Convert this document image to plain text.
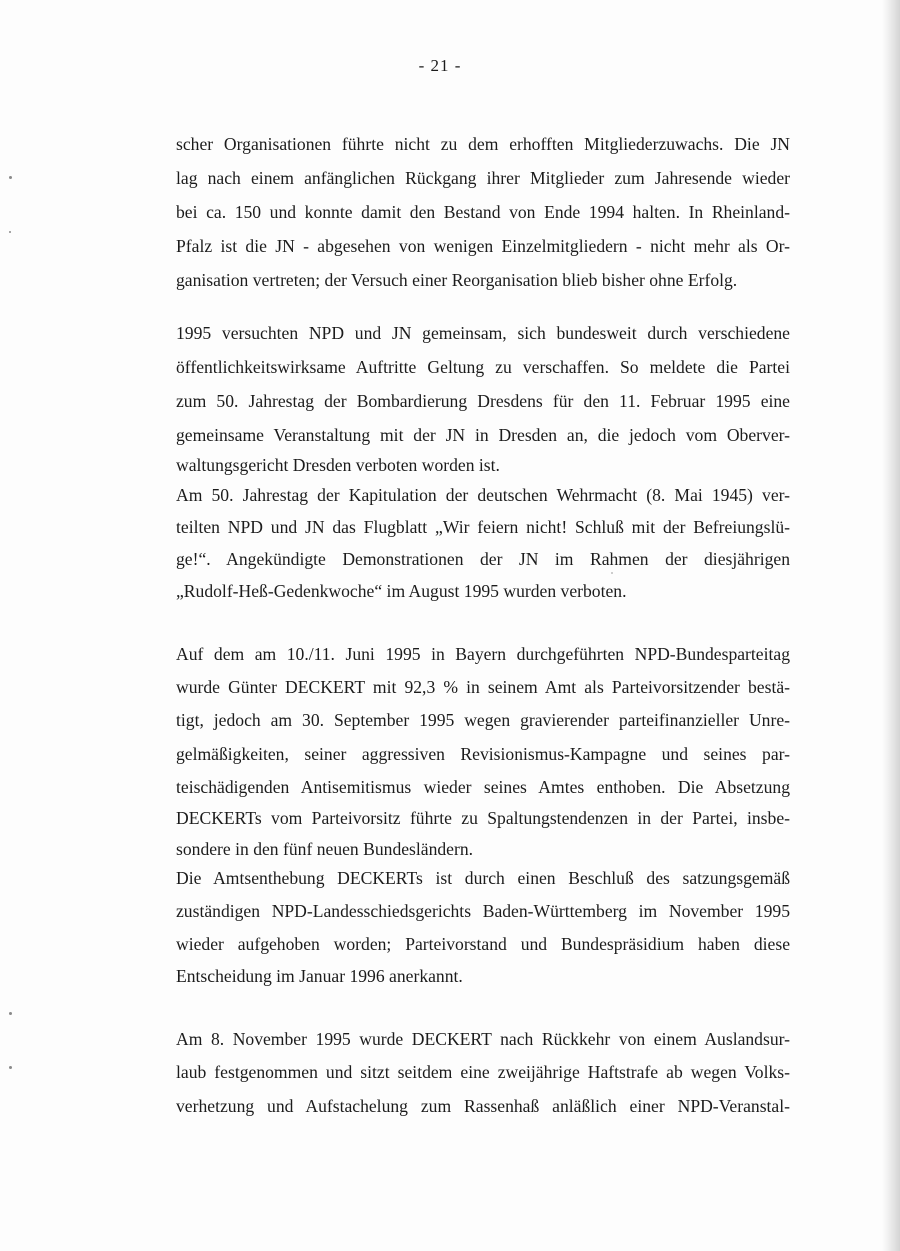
- 21 -
scher Organisationen führte nicht zu dem erhofften Mitgliederzuwachs. Die JN
lag nach einem anfänglichen Rückgang ihrer Mitglieder zum Jahresende wieder
bei ca. 150 und konnte damit den Bestand von Ende 1994 halten. In Rheinland-
Pfalz ist die JN - abgesehen von wenigen Einzelmitgliedern - nicht mehr als Or-
ganisation vertreten; der Versuch einer Reorganisation blieb bisher ohne Erfolg.
1995 versuchten NPD und JN gemeinsam, sich bundesweit durch verschiedene
öffentlichkeitswirksame Auftritte Geltung zu verschaffen. So meldete die Partei
zum 50. Jahrestag der Bombardierung Dresdens für den 11. Februar 1995 eine
gemeinsame Veranstaltung mit der JN in Dresden an, die jedoch vom Oberver-
waltungsgericht Dresden verboten worden ist.
Am 50. Jahrestag der Kapitulation der deutschen Wehrmacht (8. Mai 1945) ver-
teilten NPD und JN das Flugblatt „Wir feiern nicht! Schluß mit der Befreiungslü-
ge!“. Angekündigte Demonstrationen der JN im Rahmen der diesjährigen
„Rudolf-Heß-Gedenkwoche“ im August 1995 wurden verboten.
Auf dem am 10./11. Juni 1995 in Bayern durchgeführten NPD-Bundesparteitag
wurde Günter DECKERT mit 92,3 % in seinem Amt als Parteivorsitzender bestä-
tigt, jedoch am 30. September 1995 wegen gravierender parteifinanzieller Unre-
gelmäßigkeiten, seiner aggressiven Revisionismus-Kampagne und seines par-
teischädigenden Antisemitismus wieder seines Amtes enthoben. Die Absetzung
DECKERTs vom Parteivorsitz führte zu Spaltungstendenzen in der Partei, insbe-
sondere in den fünf neuen Bundesländern.
Die Amtsenthebung DECKERTs ist durch einen Beschluß des satzungsgemäß
zuständigen NPD-Landesschiedsgerichts Baden-Württemberg im November 1995
wieder aufgehoben worden; Parteivorstand und Bundespräsidium haben diese
Entscheidung im Januar 1996 anerkannt.
Am 8. November 1995 wurde DECKERT nach Rückkehr von einem Auslandsur-
laub festgenommen und sitzt seitdem eine zweijährige Haftstrafe ab wegen Volks-
verhetzung und Aufstachelung zum Rassenhaß anläßlich einer NPD-Veranstal-
